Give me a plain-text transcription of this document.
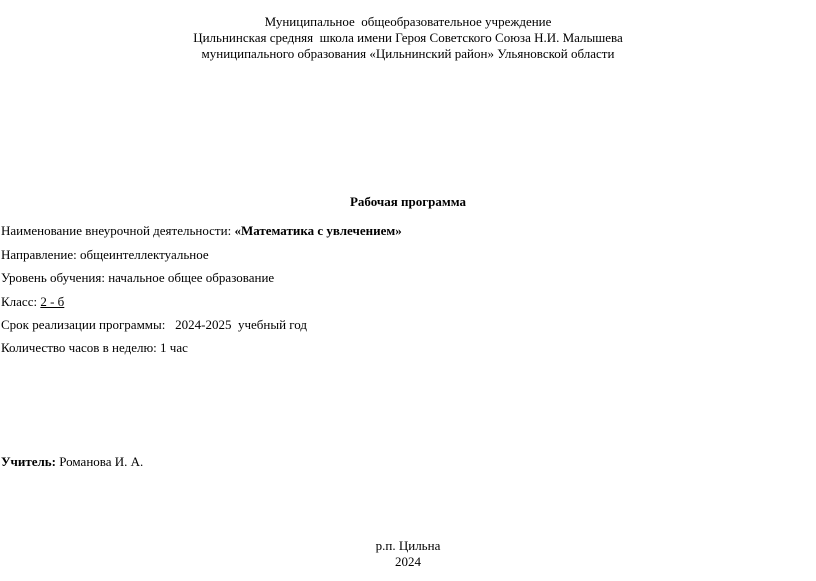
Муниципальное  общеобразовательное учреждение
Цильнинская средняя  школа имени Героя Советского Союза Н.И. Малышева
муниципального образования «Цильнинский район» Ульяновской области
Рабочая программа
Наименование внеурочной деятельности: «Математика с увлечением»
Направление: общеинтеллектуальное
Уровень обучения: начальное общее образование
Класс: 2 - б
Срок реализации программы:   2024-2025  учебный год
Количество часов в неделю: 1 час
Учитель: Романова И. А.
р.п. Цильна
2024
